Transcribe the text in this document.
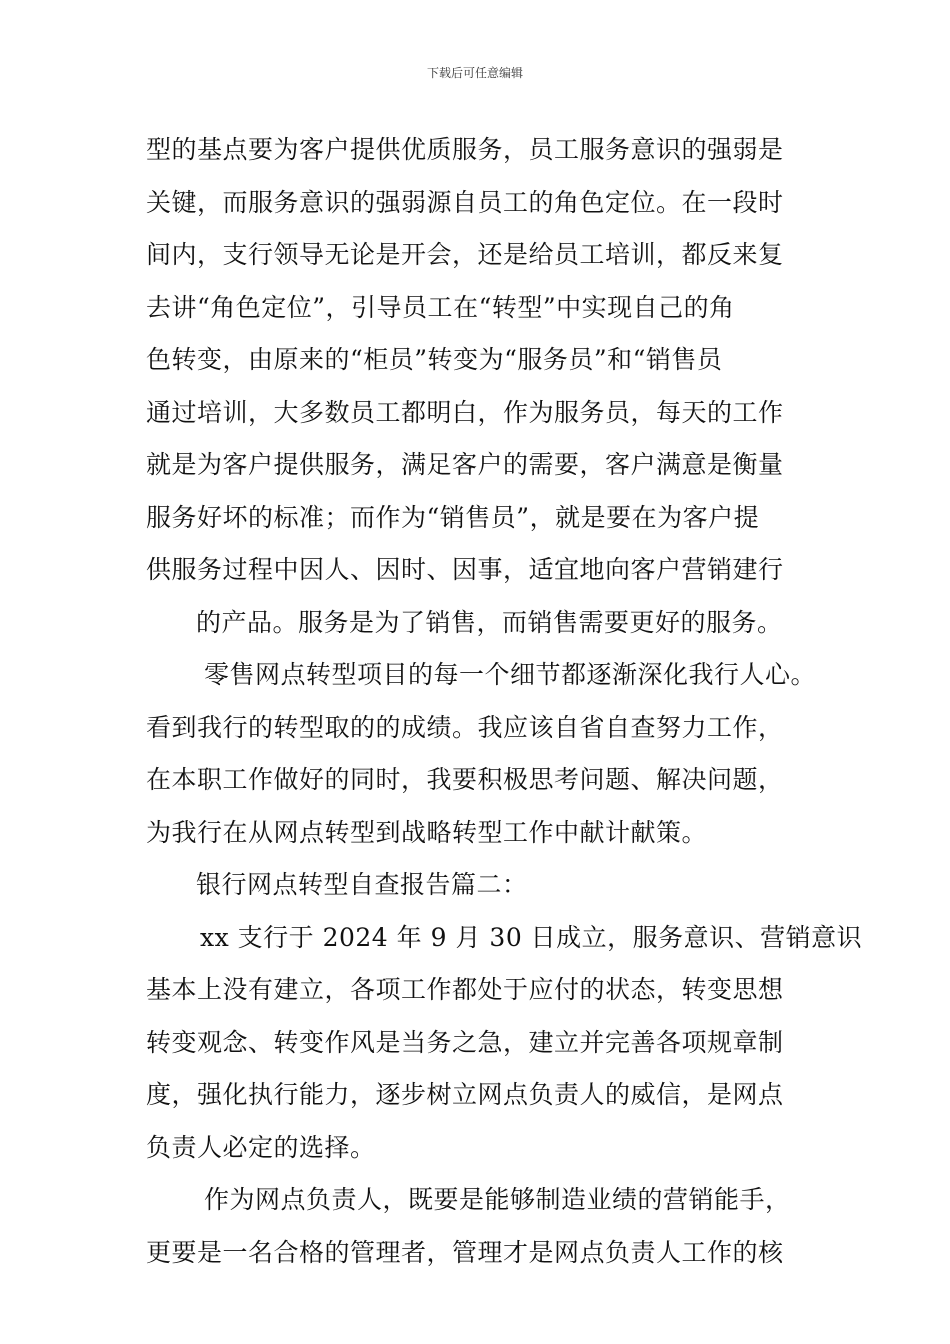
下载后可任意编辑
型的基点要为客户提供优质服务，员工服务意识的强弱是
关键，而服务意识的强弱源自员工的角色定位。在一段时
间内，支行领导无论是开会，还是给员工培训，都反来复
去讲“角色定位”，引导员工在“转型”中实现自己的角
色转变，由原来的“柜员”转变为“服务员”和“销售员
通过培训，大多数员工都明白，作为服务员，每天的工作
就是为客户提供服务，满足客户的需要，客户满意是衡量
服务好坏的标准；而作为“销售员”，就是要在为客户提
供服务过程中因人、因时、因事，适宜地向客户营销建行
的产品。服务是为了销售，而销售需要更好的服务。
零售网点转型项目的每一个细节都逐渐深化我行人心。
看到我行的转型取的的成绩。我应该自省自查努力工作，
在本职工作做好的同时，我要积极思考问题、解决问题，
为我行在从网点转型到战略转型工作中献计献策。
银行网点转型自查报告篇二：
xx 支行于 2024 年 9 月 30 日成立，服务意识、营销意识
基本上没有建立，各项工作都处于应付的状态，转变思想
转变观念、转变作风是当务之急，建立并完善各项规章制
度，强化执行能力，逐步树立网点负责人的威信，是网点
负责人必定的选择。
作为网点负责人，既要是能够制造业绩的营销能手，
更要是一名合格的管理者，管理才是网点负责人工作的核
